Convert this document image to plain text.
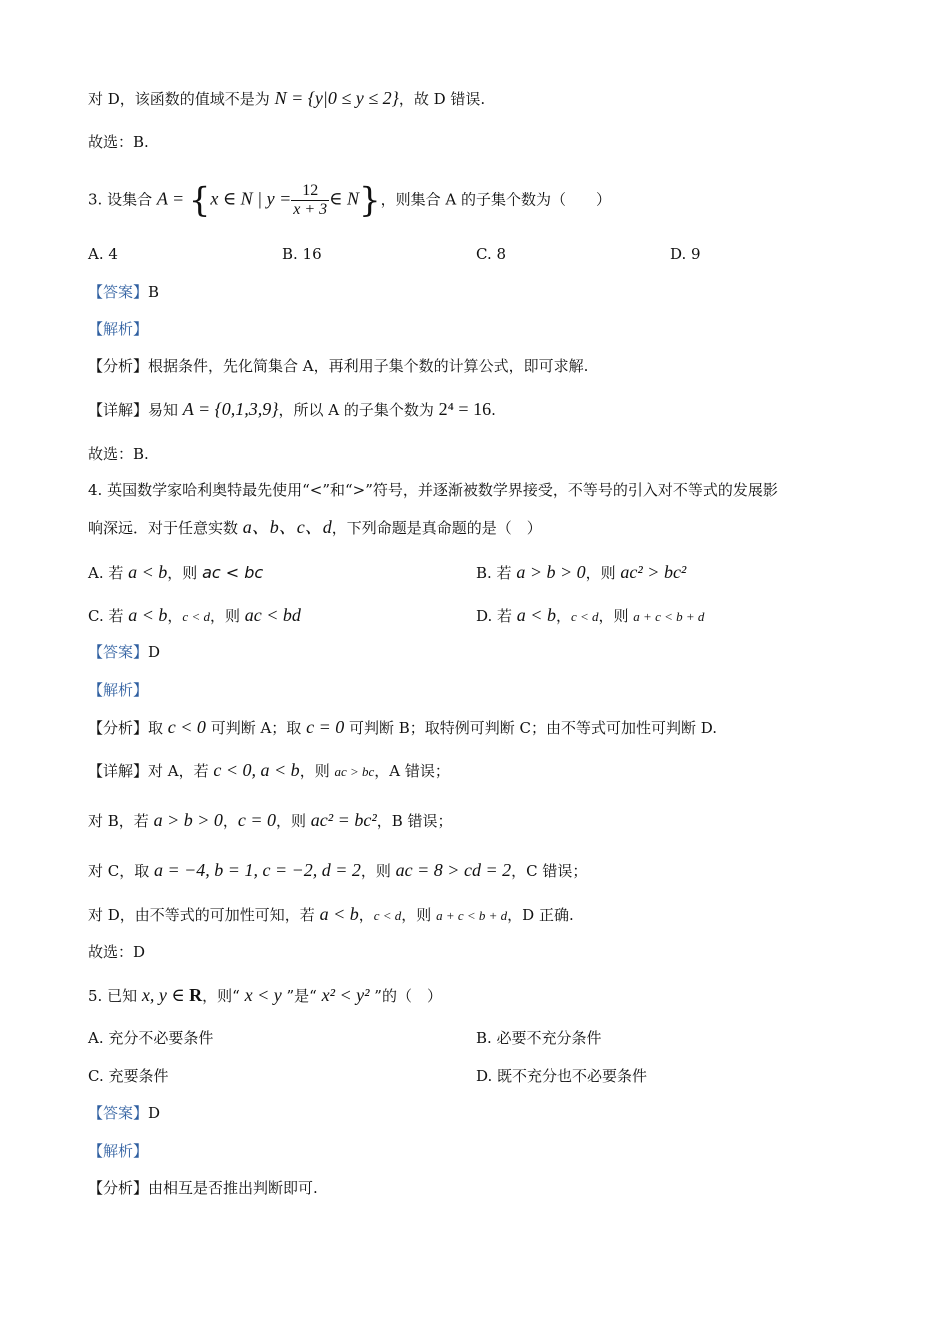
对 D，该函数的值域不是为 N = {y|0 ≤ y ≤ 2}，故 D 错误.
故选：B.
3. 设集合 A = {x ∈ N | $y = \frac{12}{x + 3}$ ∈ N}，则集合 A 的子集个数为（　　）
A. 4	B. 16	C. 8	D. 9
【答案】B
【解析】
【分析】根据条件，先化简集合 A，再利用子集个数的计算公式，即可求解.
【详解】易知 A = {0,1,3,9}，所以 A 的子集个数为 2⁴ = 16.
故选：B.
4. 英国数学家哈利奥特最先使用“<”和“>”符号，并逐渐被数学界接受，不等号的引入对不等式的发展影
响深远．对于任意实数 a、b、c、d，下列命题是真命题的是（　）
A. 若 a < b，则 ac < bc	B. 若 a > b > 0，则 ac² > bc²
C. 若 a < b，c < d，则 ac < bd	D. 若 a < b，c < d，则 a + c < b + d
【答案】D
【解析】
【分析】取 c < 0 可判断 A；取 c = 0 可判断 B；取特例可判断 C；由不等式可加性可判断 D.
【详解】对 A，若 c < 0, a < b，则 ac > bc，A 错误；
对 B，若 a > b > 0，c = 0，则 ac² = bc²，B 错误；
对 C，取 a = −4, b = 1, c = −2, d = 2，则 ac = 8 > cd = 2，C 错误；
对 D，由不等式的可加性可知，若 a < b，c < d，则 a + c < b + d，D 正确.
故选：D
5. 已知 x, y ∈ R，则“ x < y ”是“ x² < y² ”的（　）
A. 充分不必要条件	B. 必要不充分条件
C. 充要条件	D. 既不充分也不必要条件
【答案】D
【解析】
【分析】由相互是否推出判断即可.
